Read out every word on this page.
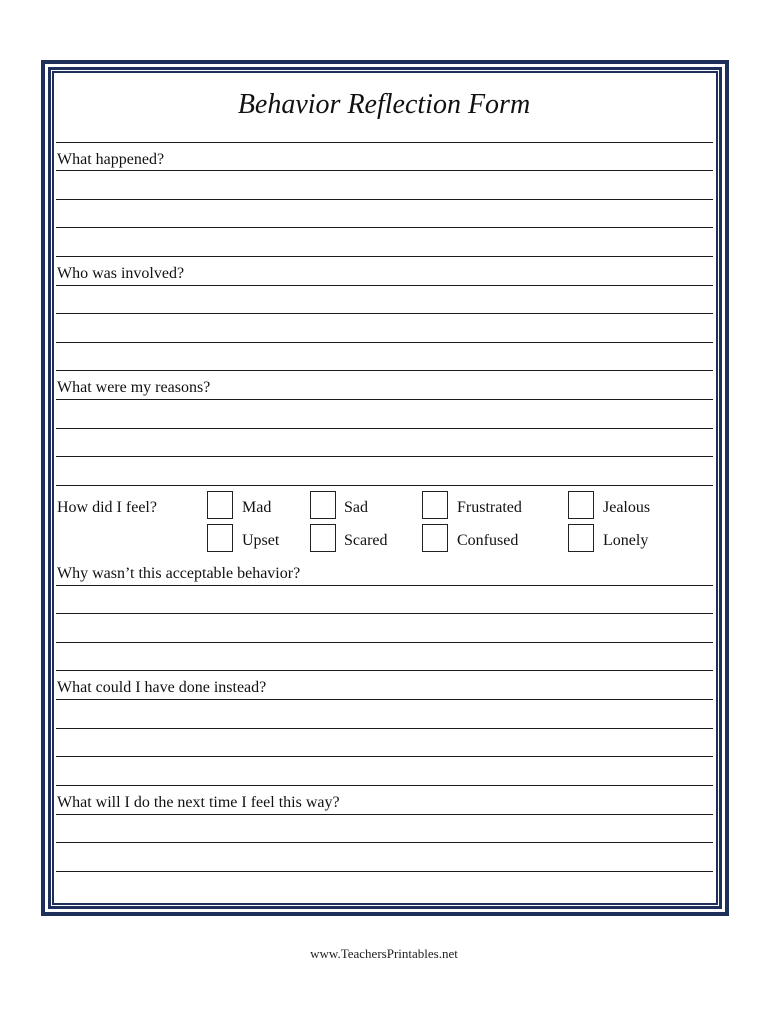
Behavior Reflection Form
What happened?
Who was involved?
What were my reasons?
How did I feel?
Why wasn’t this acceptable behavior?
What could I have done instead?
What will I do the next time I feel this way?
Mad	Sad	Frustrated	Jealous
Upset	Scared	Confused	Lonely
www.TeachersPrintables.net
